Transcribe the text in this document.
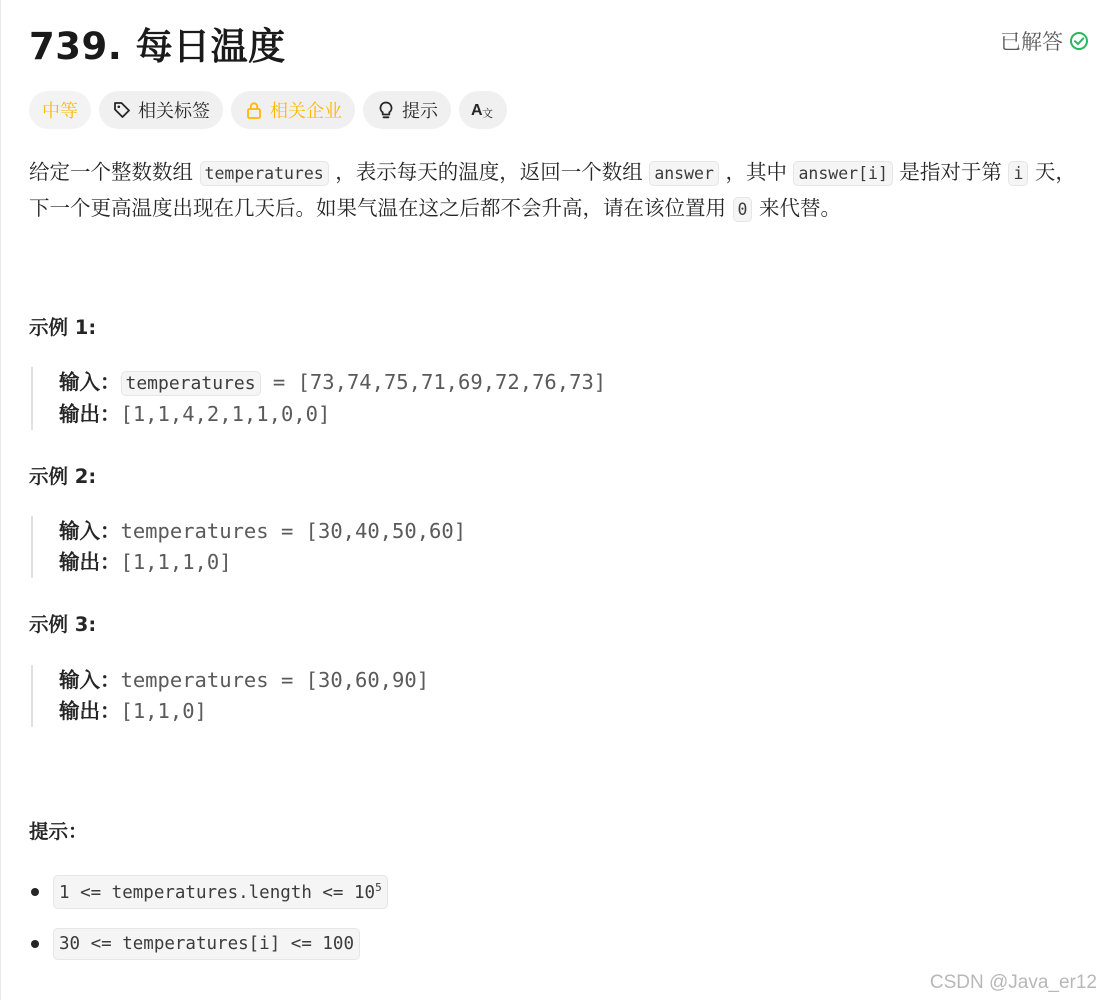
739. 每日温度	已解答
中等	相关标签	相关企业	提示 A 文
给定一个整数数组 temperatures ，表示每天的温度，返回一个数组 answer ，其中 answer[i] 是指对于第 i 天，下一个更高温度出现在几天后。如果气温在这之后都不会升高，请在该位置用 0 来代替。
示例 1:
输入： temperatures = [73,74,75,71,69,72,76,73]
输出：[1,1,4,2,1,1,0,0]
示例 2:
输入：temperatures = [30,40,50,60]
输出：[1,1,1,0]
示例 3:
输入：temperatures = [30,60,90]
输出：[1,1,0]
提示：
1 <= temperatures.length <= $10^5$
30 <= temperatures[i] <= 100
CSDN @Java_er12
